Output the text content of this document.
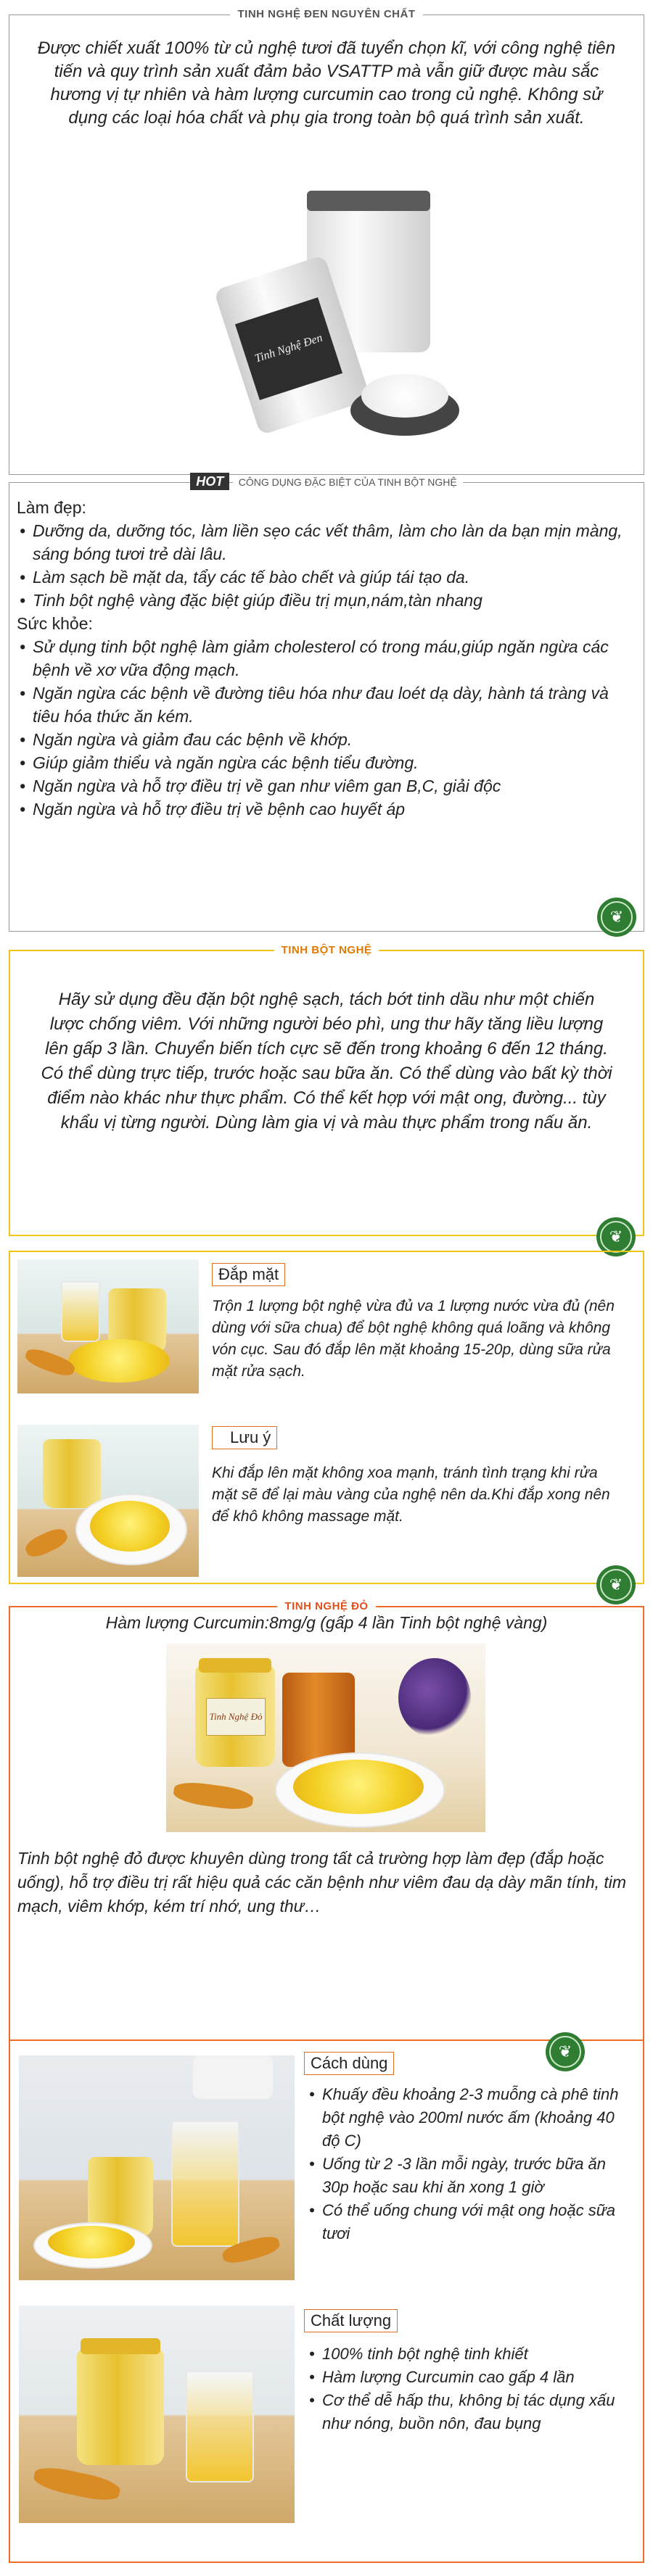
TINH NGHỆ ĐEN NGUYÊN CHẤT
Được chiết xuất 100% từ củ nghệ tươi đã tuyển chọn kĩ, với công nghệ tiên tiến và quy trình sản xuất đảm bảo VSATTP mà vẫn giữ được màu sắc hương vị tự nhiên và hàm lượng curcumin cao trong củ nghệ. Không sử dụng các loại hóa chất và phụ gia trong toàn bộ quá trình sản xuất.
Tinh Nghệ Đen
HOT CÔNG DỤNG ĐẶC BIỆT CỦA TINH BỘT NGHỆ
Làm đẹp:
• Dưỡng da, dưỡng tóc, làm liền sẹo các vết thâm, làm cho làn da bạn mịn màng, sáng bóng tươi trẻ dài lâu.
• Làm sạch bề mặt da, tẩy các tế bào chết và giúp tái tạo da.
• Tinh bột nghệ vàng đặc biệt giúp điều trị mụn,nám,tàn nhang
Sức khỏe:
• Sử dụng tinh bột nghệ làm giảm cholesterol có trong máu,giúp ngăn ngừa các bệnh về xơ vữa động mạch.
• Ngăn ngừa các bệnh về đường tiêu hóa như đau loét dạ dày, hành tá tràng và tiêu hóa thức ăn kém.
• Ngăn ngừa và giảm đau các bệnh về khớp.
• Giúp giảm thiểu và ngăn ngừa các bệnh tiểu đường.
• Ngăn ngừa và hỗ trợ điều trị về gan như viêm gan B,C, giải độc
• Ngăn ngừa và hỗ trợ điều trị về bệnh cao huyết áp
❦
TINH BỘT NGHỆ
Hãy sử dụng đều đặn bột nghệ sạch, tách bớt tinh dầu như một chiến lược chống viêm. Với những người béo phì, ung thư hãy tăng liều lượng lên gấp 3 lần. Chuyển biến tích cực sẽ đến trong khoảng 6 đến 12 tháng. Có thể dùng trực tiếp, trước hoặc sau bữa ăn. Có thể dùng vào bất kỳ thời điểm nào khác như thực phẩm. Có thể kết hợp với mật ong, đường... tùy khẩu vị từng người. Dùng làm gia vị và màu thực phẩm trong nấu ăn.
❦
Đắp mặt
Trộn 1 lượng bột nghệ vừa đủ va 1 lượng nước vừa đủ (nên dùng với sữa chua) để bột nghệ không quá loãng và không vón cục. Sau đó đắp lên mặt khoảng 15-20p, dùng sữa rửa mặt rửa sạch.
Lưu ý
Khi đắp lên mặt không xoa mạnh, tránh tình trạng khi rửa mặt sẽ để lại màu vàng của nghệ nên da.Khi đắp xong nên để khô không massage mặt.
❦
TINH NGHỆ ĐỎ
Hàm lượng Curcumin:8mg/g (gấp 4 lần Tinh bột nghệ vàng)
Tinh Nghệ Đỏ
Tinh bột nghệ đỏ được khuyên dùng trong tất cả trường hợp làm đẹp (đắp hoặc uống), hỗ trợ điều trị rất hiệu quả các căn bệnh như viêm đau dạ dày mãn tính, tim mạch, viêm khớp, kém trí nhớ, ung thư…
❦
Cách dùng
• Khuấy đều khoảng 2-3 muỗng cà phê tinh bột nghệ vào 200ml nước ấm (khoảng 40 độ C)
• Uống từ 2 -3 lần mỗi ngày, trước bữa ăn 30p hoặc sau khi ăn xong 1 giờ
• Có thể uống chung với mật ong hoặc sữa tươi
Chất lượng
• 100% tinh bột nghệ tinh khiết
• Hàm lượng Curcumin cao gấp 4 lần
• Cơ thể dễ hấp thu, không bị tác dụng xấu như nóng, buồn nôn, đau bụng
